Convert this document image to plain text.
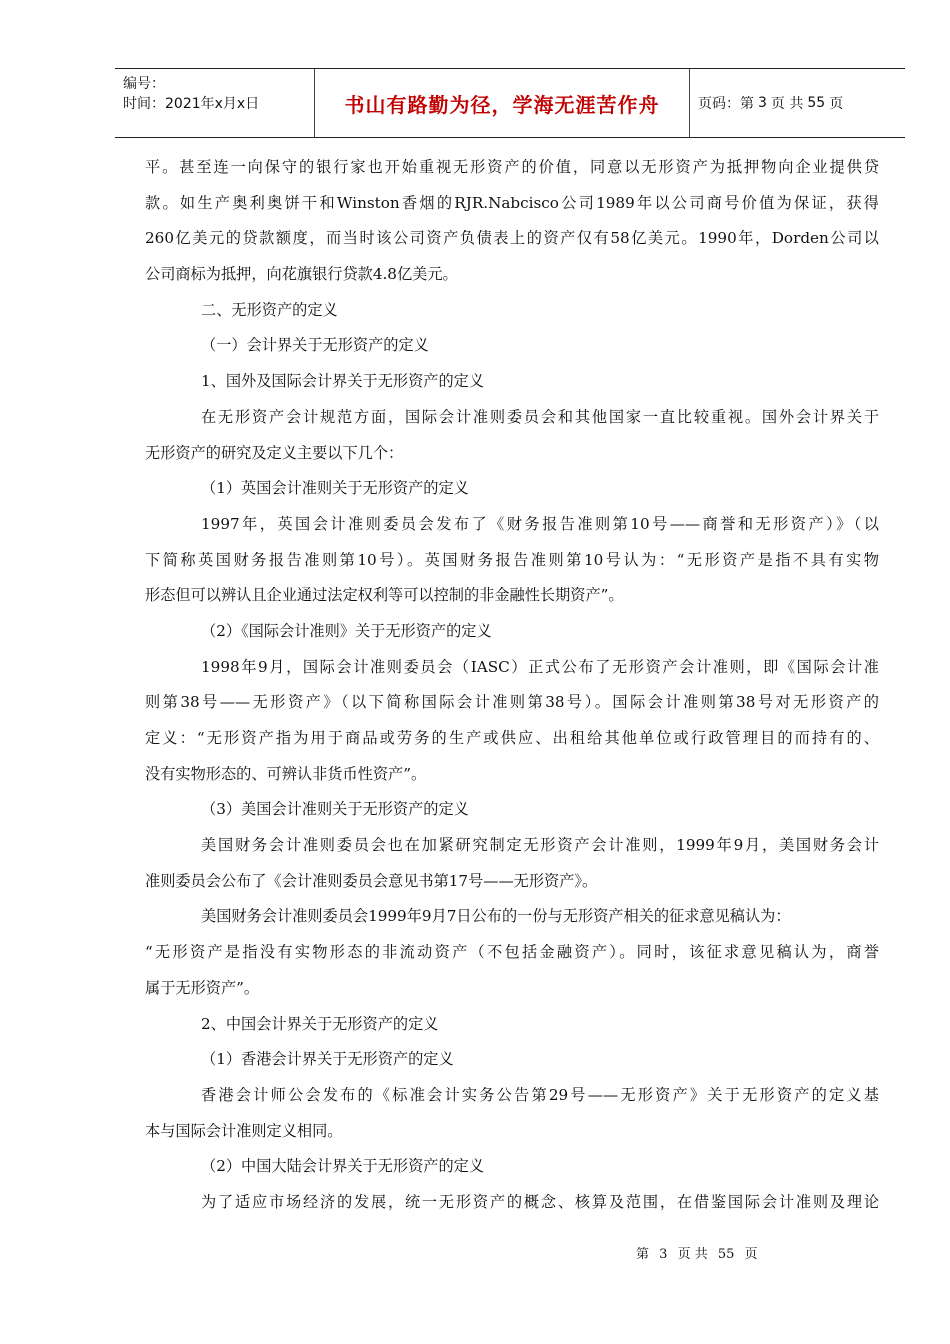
编号：
时间：2021年x月x日	书山有路勤为径，学海无涯苦作舟	页码：第 3 页 共 55 页
平。甚至连一向保守的银行家也开始重视无形资产的价值，同意以无形资产为抵押物向企业提供贷
款。如生产奥利奥饼干和Winston香烟的RJR.Nabcisco公司1989年以公司商号价值为保证，获得
260亿美元的贷款额度，而当时该公司资产负债表上的资产仅有58亿美元。1990年，Dorden公司以
公司商标为抵押，向花旗银行贷款4.8亿美元。
二、无形资产的定义
（一）会计界关于无形资产的定义
1、国外及国际会计界关于无形资产的定义
在无形资产会计规范方面，国际会计准则委员会和其他国家一直比较重视。国外会计界关于
无形资产的研究及定义主要以下几个：
（1）英国会计准则关于无形资产的定义
1997年，英国会计准则委员会发布了《财务报告准则第10号——商誉和无形资产）》（以
下简称英国财务报告准则第10号）。英国财务报告准则第10号认为：“无形资产是指不具有实物
形态但可以辨认且企业通过法定权利等可以控制的非金融性长期资产”。
（2）《国际会计准则》关于无形资产的定义
1998年9月，国际会计准则委员会（IASC）正式公布了无形资产会计准则，即《国际会计准
则第38号——无形资产》（以下简称国际会计准则第38号）。国际会计准则第38号对无形资产的
定义：“无形资产指为用于商品或劳务的生产或供应、出租给其他单位或行政管理目的而持有的、
没有实物形态的、可辨认非货币性资产”。
（3）美国会计准则关于无形资产的定义
美国财务会计准则委员会也在加紧研究制定无形资产会计准则，1999年9月，美国财务会计
准则委员会公布了《会计准则委员会意见书第17号——无形资产》。
美国财务会计准则委员会1999年9月7日公布的一份与无形资产相关的征求意见稿认为：
“无形资产是指没有实物形态的非流动资产（不包括金融资产）。同时，该征求意见稿认为，商誉
属于无形资产”。
2、中国会计界关于无形资产的定义
（1）香港会计界关于无形资产的定义
香港会计师公会发布的《标准会计实务公告第29号——无形资产》关于无形资产的定义基
本与国际会计准则定义相同。
（2）中国大陆会计界关于无形资产的定义
为了适应市场经济的发展，统一无形资产的概念、核算及范围，在借鉴国际会计准则及理论
第 3 页 共 55 页
